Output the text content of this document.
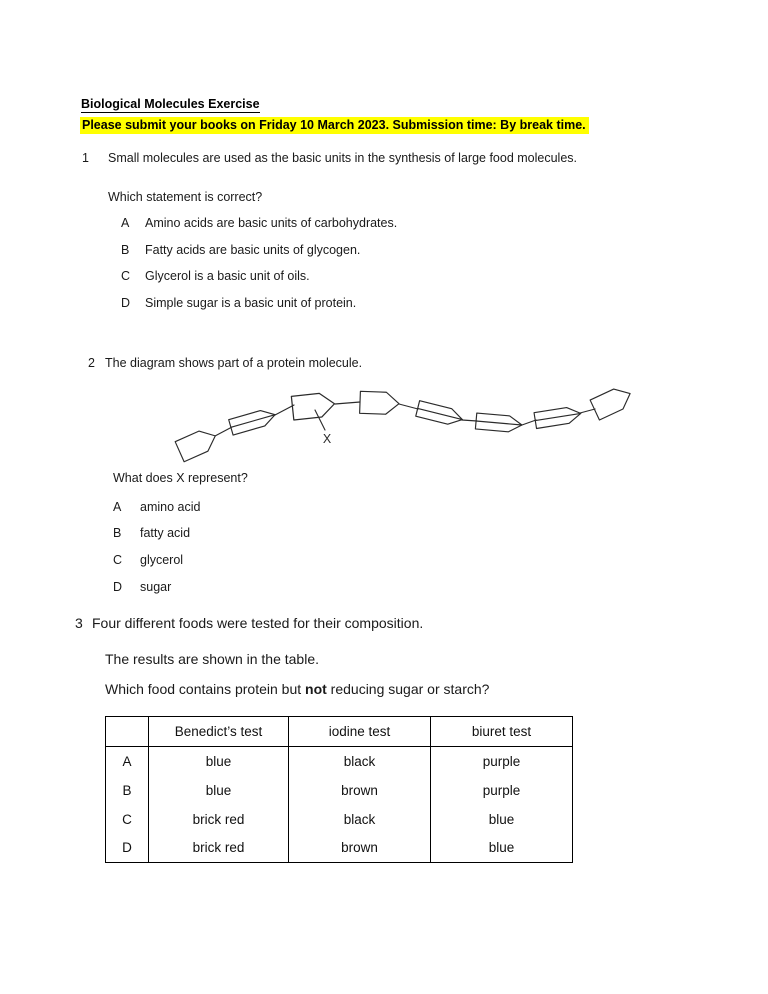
Biological Molecules Exercise
Please submit your books on Friday 10 March 2023. Submission time: By break time.
1 Small molecules are used as the basic units in the synthesis of large food molecules.
Which statement is correct?
A Amino acids are basic units of carbohydrates.
B Fatty acids are basic units of glycogen.
C Glycerol is a basic unit of oils.
D Simple sugar is a basic unit of protein.
2 The diagram shows part of a protein molecule.
X
What does X represent?
A amino acid
B fatty acid
C glycerol
D sugar
3 Four different foods were tested for their composition.
The results are shown in the table.
Which food contains protein but not reducing sugar or starch?
	Benedict’s test	iodine test	biuret test
A	blue	black	purple
B	blue	brown	purple
C	brick red	black	blue
D	brick red	brown	blue
